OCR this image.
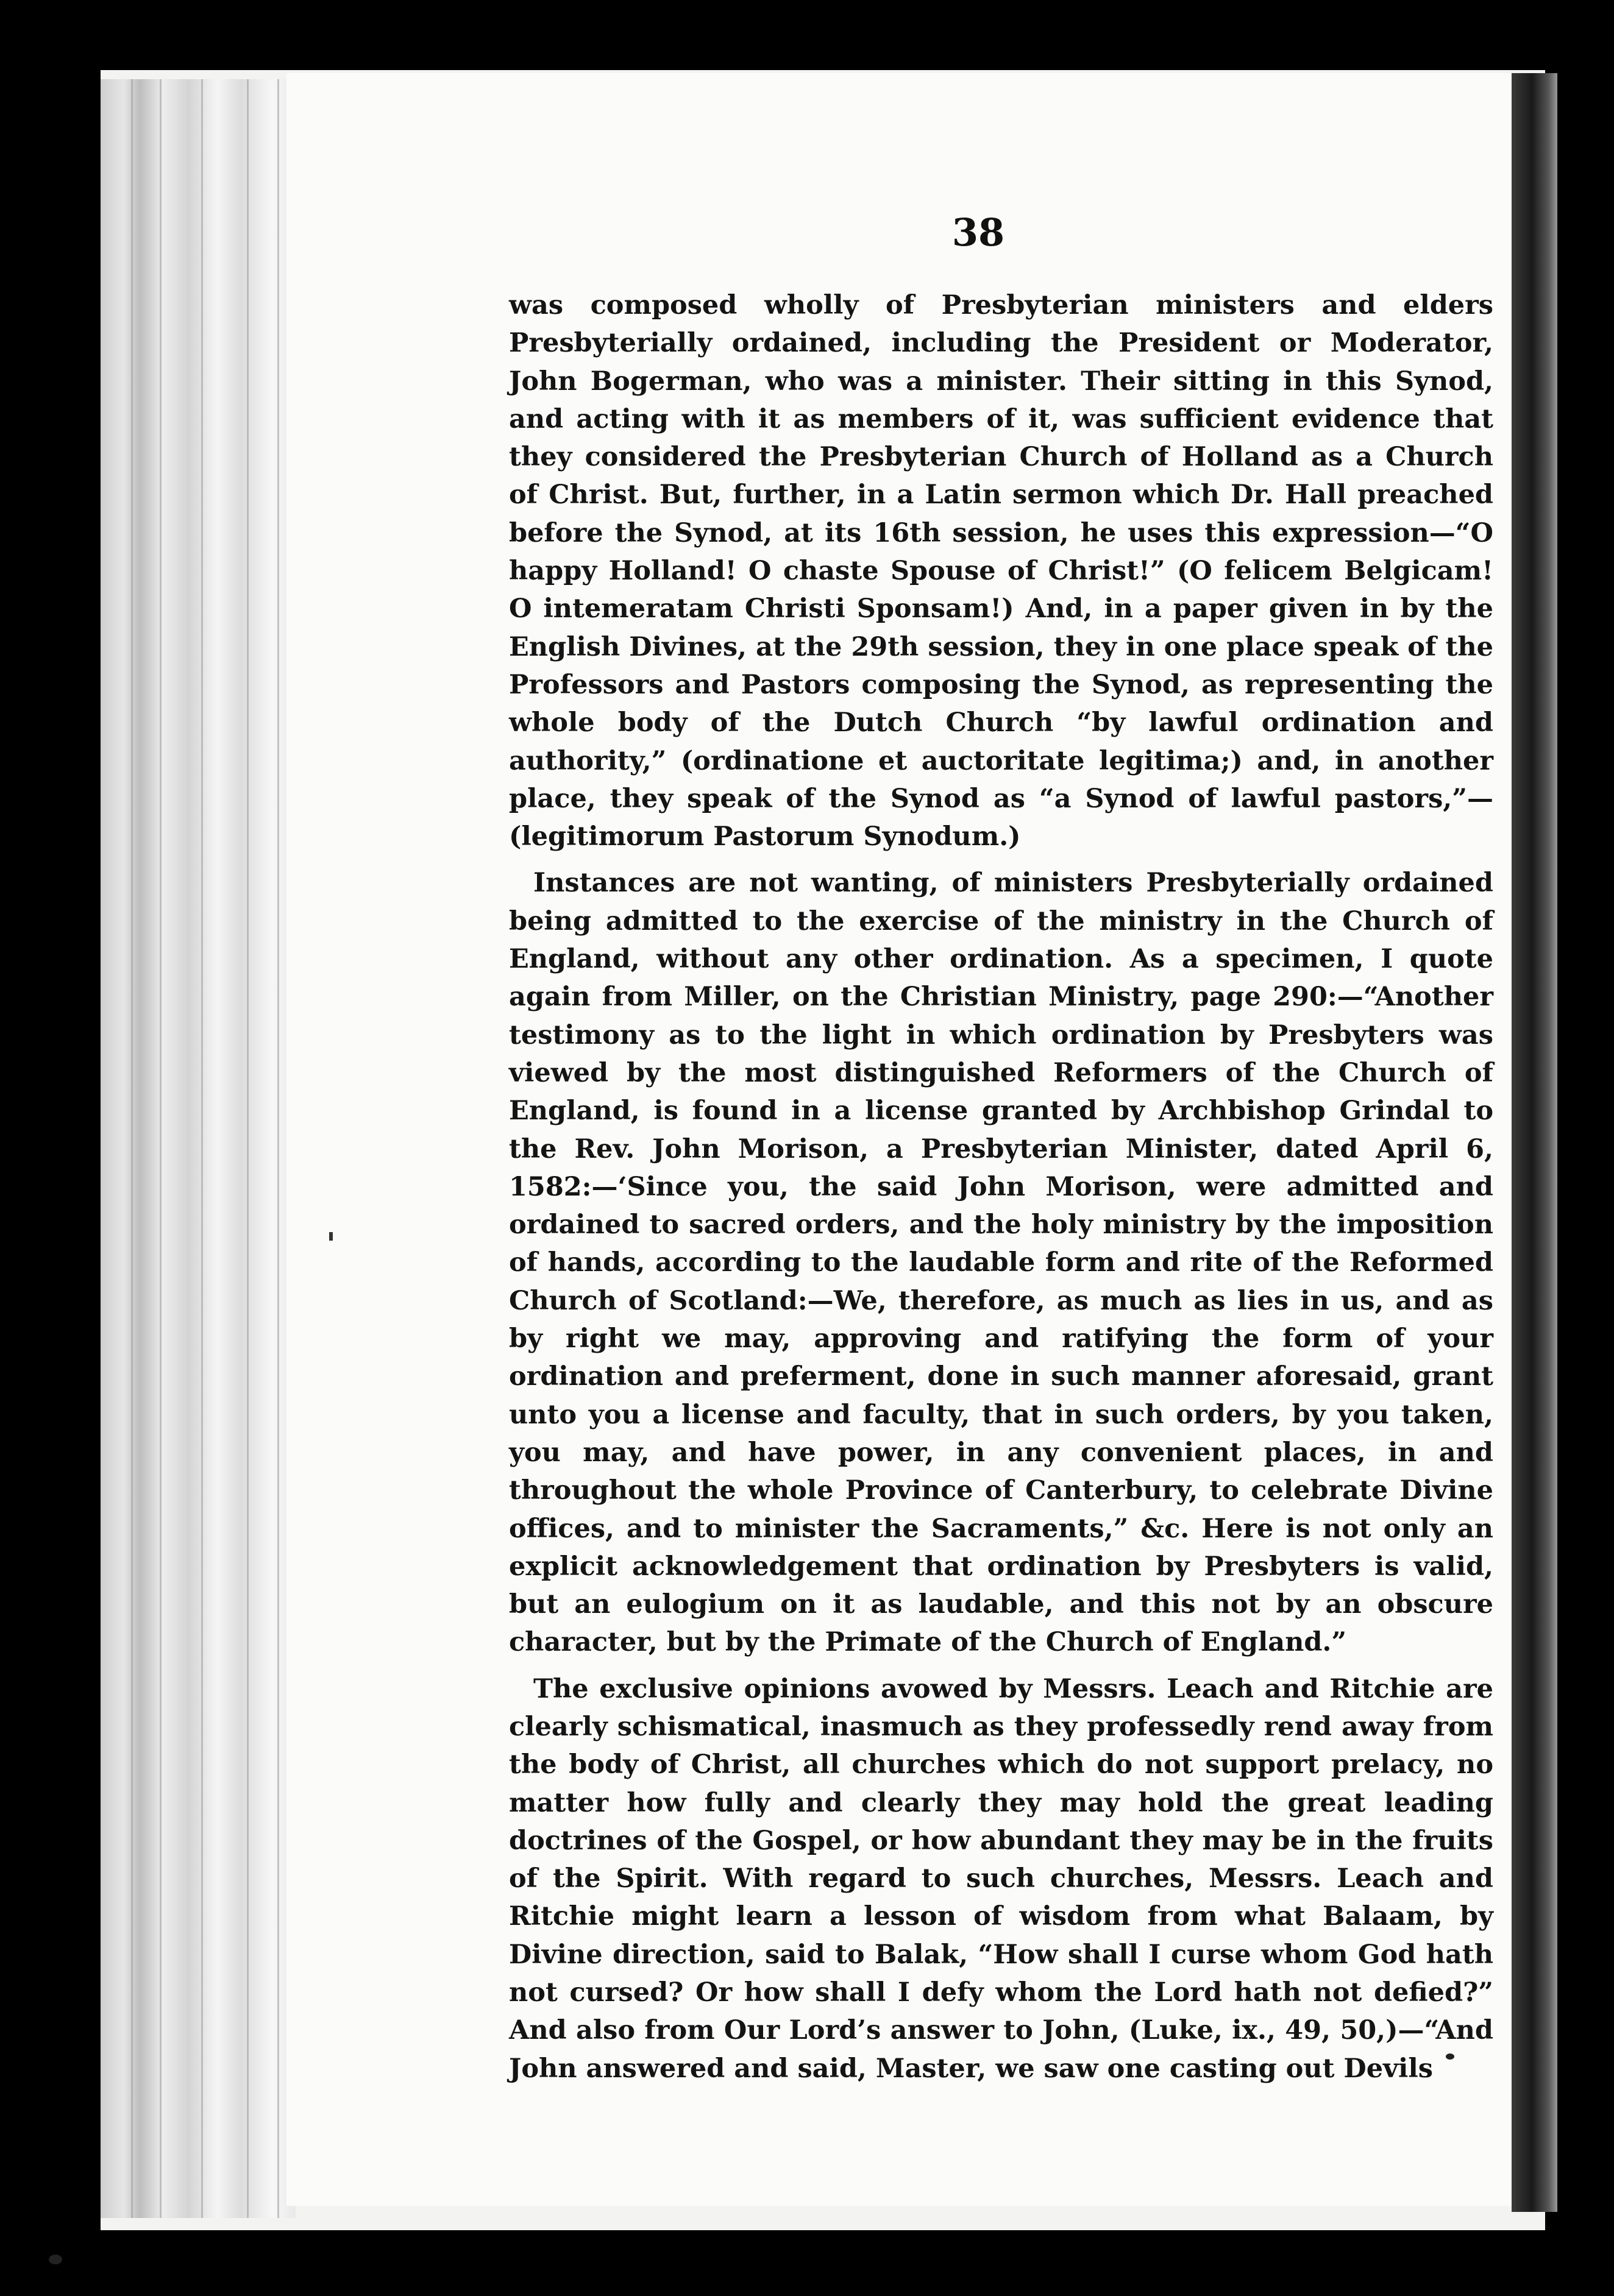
38

was composed wholly of Presbyterian ministers and elders Presbyterially ordained, including the President or Moderator, John Bogerman, who was a minister. Their sitting in this Synod, and acting with it as members of it, was sufficient evidence that they considered the Presbyterian Church of Holland as a Church of Christ. But, further, in a Latin sermon which Dr. Hall preached before the Synod, at its 16th session, he uses this expression—“O happy Holland! O chaste Spouse of Christ!” (O felicem Belgicam! O intemeratam Christi Sponsam!) And, in a paper given in by the English Divines, at the 29th session, they in one place speak of the Professors and Pastors composing the Synod, as representing the whole body of the Dutch Church “by lawful ordination and authority,” (ordinatione et auctoritate legitima;) and, in another place, they speak of the Synod as “a Synod of lawful pastors,”—(legitimorum Pastorum Synodum.)

Instances are not wanting, of ministers Presbyterially ordained being admitted to the exercise of the ministry in the Church of England, without any other ordination. As a specimen, I quote again from Miller, on the Christian Ministry, page 290:—“Another testimony as to the light in which ordination by Presbyters was viewed by the most distinguished Reformers of the Church of England, is found in a license granted by Archbishop Grindal to the Rev. John Morison, a Presbyterian Minister, dated April 6, 1582:—‘Since you, the said John Morison, were admitted and ordained to sacred orders, and the holy ministry by the imposition of hands, according to the laudable form and rite of the Reformed Church of Scotland:—We, therefore, as much as lies in us, and as by right we may, approving and ratifying the form of your ordination and preferment, done in such manner aforesaid, grant unto you a license and faculty, that in such orders, by you taken, you may, and have power, in any convenient places, in and throughout the whole Province of Canterbury, to celebrate Divine offices, and to minister the Sacraments,” &c. Here is not only an explicit acknowledgement that ordination by Presbyters is valid, but an eulogium on it as laudable, and this not by an obscure character, but by the Primate of the Church of England.”

The exclusive opinions avowed by Messrs. Leach and Ritchie are clearly schismatical, inasmuch as they professedly rend away from the body of Christ, all churches which do not support prelacy, no matter how fully and clearly they may hold the great leading doctrines of the Gospel, or how abundant they may be in the fruits of the Spirit. With regard to such churches, Messrs. Leach and Ritchie might learn a lesson of wisdom from what Balaam, by Divine direction, said to Balak, “How shall I curse whom God hath not cursed? Or how shall I defy whom the Lord hath not defied?” And also from Our Lord’s answer to John, (Luke, ix., 49, 50,)—“And John answered and said, Master, we saw one casting out Devils
